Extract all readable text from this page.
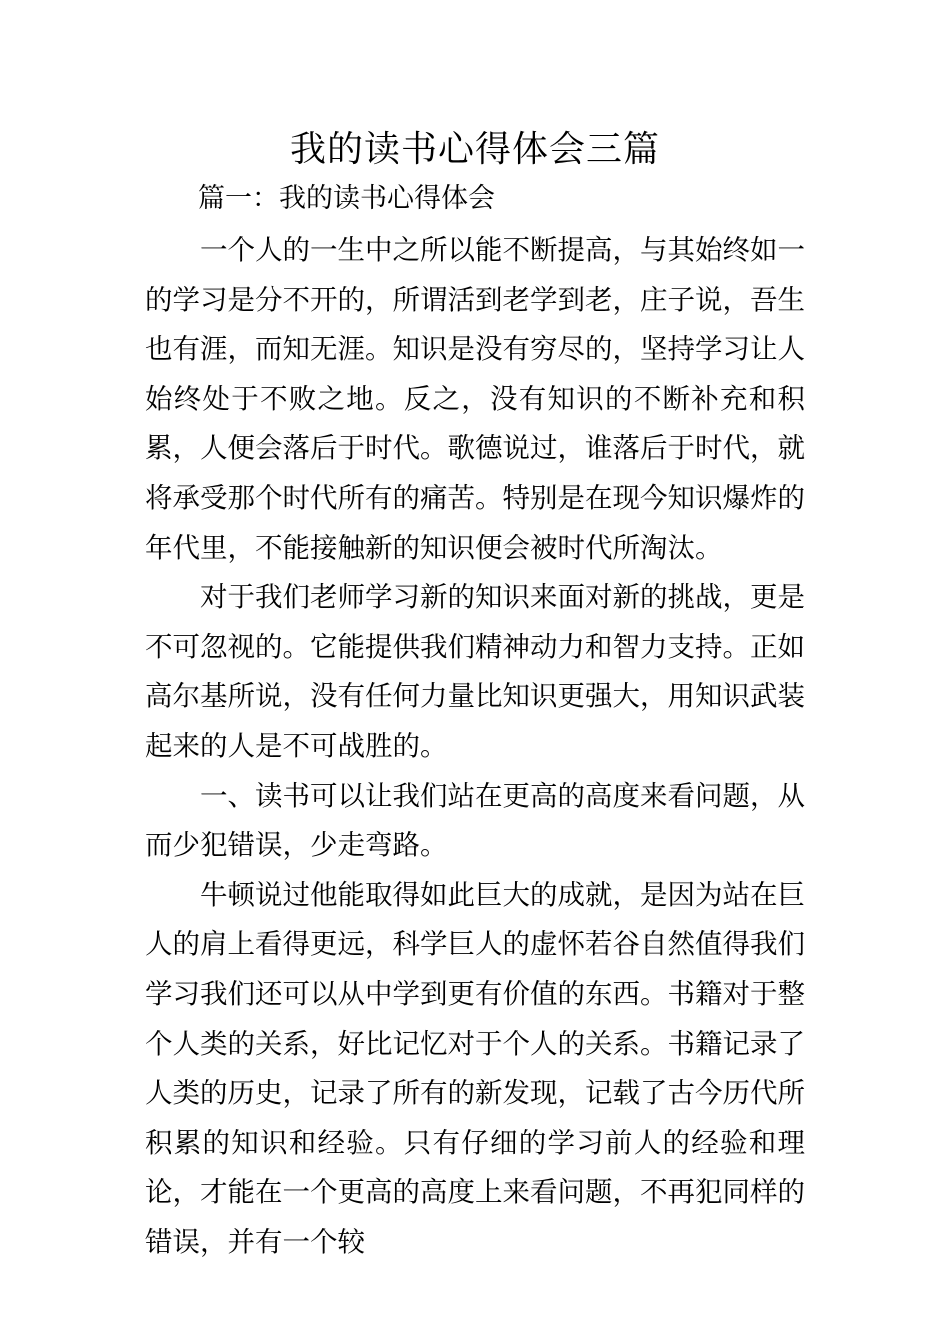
我的读书心得体会三篇
篇一：我的读书心得体会

一个人的一生中之所以能不断提高，与其始终如一的学习是分不开的，所谓活到老学到老，庄子说，吾生也有涯，而知无涯。知识是没有穷尽的，坚持学习让人始终处于不败之地。反之，没有知识的不断补充和积累，人便会落后于时代。歌德说过，谁落后于时代，就将承受那个时代所有的痛苦。特别是在现今知识爆炸的年代里，不能接触新的知识便会被时代所淘汰。

对于我们老师学习新的知识来面对新的挑战，更是不可忽视的。它能提供我们精神动力和智力支持。正如高尔基所说，没有任何力量比知识更强大，用知识武装起来的人是不可战胜的。

一、读书可以让我们站在更高的高度来看问题，从而少犯错误，少走弯路。

牛顿说过他能取得如此巨大的成就，是因为站在巨人的肩上看得更远，科学巨人的虚怀若谷自然值得我们学习我们还可以从中学到更有价值的东西。书籍对于整个人类的关系，好比记忆对于个人的关系。书籍记录了人类的历史，记录了所有的新发现，记载了古今历代所积累的知识和经验。只有仔细的学习前人的经验和理论，才能在一个更高的高度上来看问题，不再犯同样的错误，并有一个较
